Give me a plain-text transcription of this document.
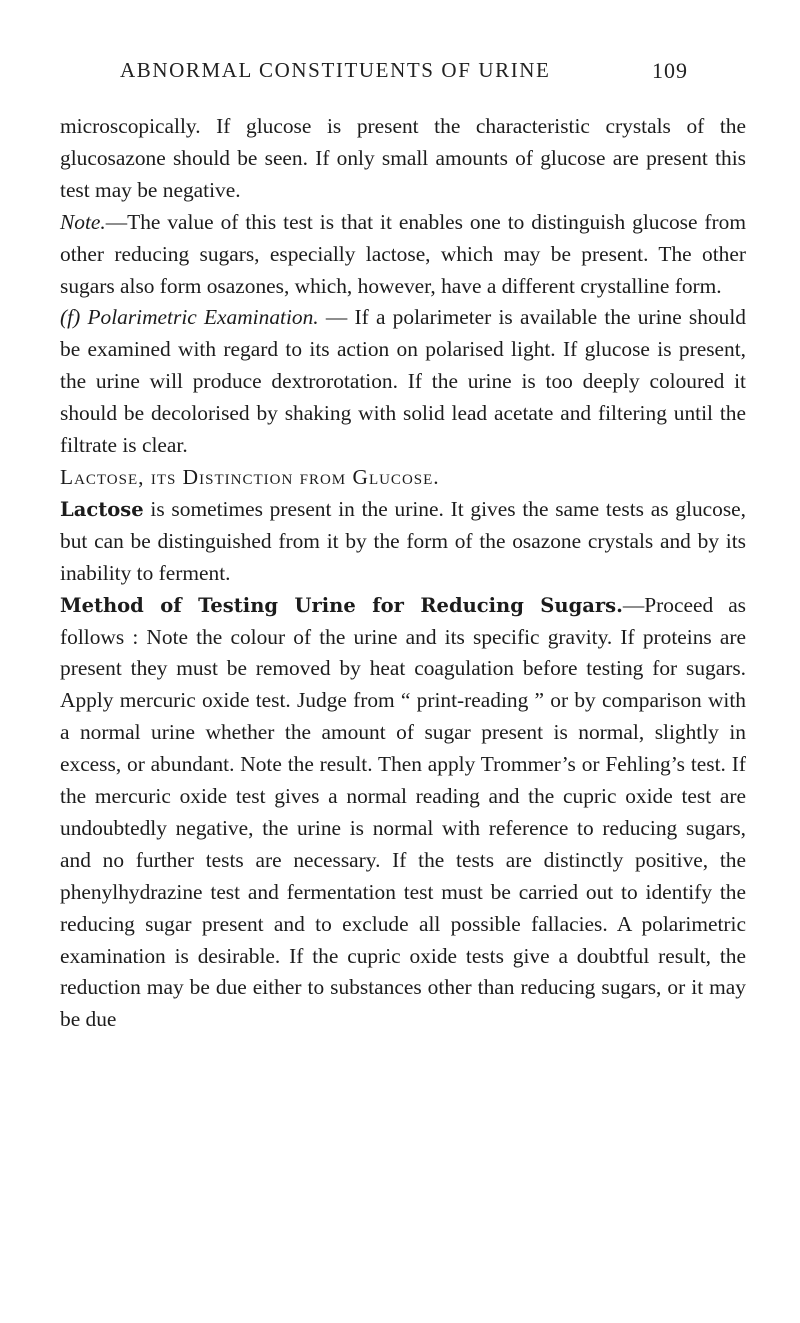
ABNORMAL CONSTITUENTS OF URINE	109

microscopically. If glucose is present the characteristic crystals of the glucosazone should be seen. If only small amounts of glucose are present this test may be negative.

Note.—The value of this test is that it enables one to distinguish glucose from other reducing sugars, especially lactose, which may be present. The other sugars also form osazones, which, however, have a different crystalline form.

(f) Polarimetric Examination. — If a polarimeter is available the urine should be examined with regard to its action on polarised light. If glucose is present, the urine will produce dextrorotation. If the urine is too deeply coloured it should be decolorised by shaking with solid lead acetate and filtering until the filtrate is clear.

Lactose, its Distinction from Glucose.

Lactose is sometimes present in the urine. It gives the same tests as glucose, but can be distinguished from it by the form of the osazone crystals and by its inability to ferment.

Method of Testing Urine for Reducing Sugars.—Proceed as follows : Note the colour of the urine and its specific gravity. If proteins are present they must be removed by heat coagulation before testing for sugars. Apply mercuric oxide test. Judge from “ print-reading ” or by comparison with a normal urine whether the amount of sugar present is normal, slightly in excess, or abundant. Note the result. Then apply Trommer’s or Fehling’s test. If the mercuric oxide test gives a normal reading and the cupric oxide test are undoubtedly negative, the urine is normal with reference to reducing sugars, and no further tests are necessary. If the tests are distinctly positive, the phenylhydrazine test and fermentation test must be carried out to identify the reducing sugar present and to exclude all possible fallacies. A polarimetric examination is desirable. If the cupric oxide tests give a doubtful result, the reduction may be due either to substances other than reducing sugars, or it may be due
